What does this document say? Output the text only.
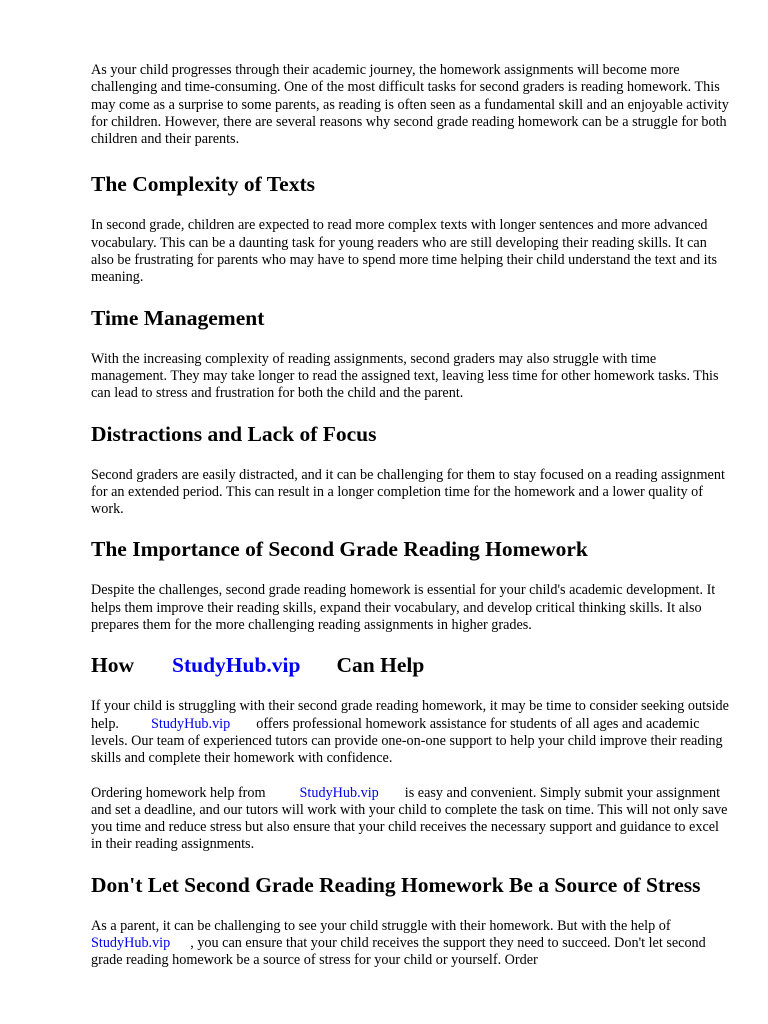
As your child progresses through their academic journey, the homework assignments will become more challenging and time-consuming. One of the most difficult tasks for second graders is reading homework. This may come as a surprise to some parents, as reading is often seen as a fundamental skill and an enjoyable activity for children. However, there are several reasons why second grade reading homework can be a struggle for both children and their parents.

The Complexity of Texts

In second grade, children are expected to read more complex texts with longer sentences and more advanced vocabulary. This can be a daunting task for young readers who are still developing their reading skills. It can also be frustrating for parents who may have to spend more time helping their child understand the text and its meaning.

Time Management

With the increasing complexity of reading assignments, second graders may also struggle with time management. They may take longer to read the assigned text, leaving less time for other homework tasks. This can lead to stress and frustration for both the child and the parent.

Distractions and Lack of Focus

Second graders are easily distracted, and it can be challenging for them to stay focused on a reading assignment for an extended period. This can result in a longer completion time for the homework and a lower quality of work.

The Importance of Second Grade Reading Homework

Despite the challenges, second grade reading homework is essential for your child's academic development. It helps them improve their reading skills, expand their vocabulary, and develop critical thinking skills. It also prepares them for the more challenging reading assignments in higher grades.

How StudyHub.vip Can Help

If your child is struggling with their second grade reading homework, it may be time to consider seeking outside help. StudyHub.vip offers professional homework assistance for students of all ages and academic levels. Our team of experienced tutors can provide one-on-one support to help your child improve their reading skills and complete their homework with confidence.

Ordering homework help from StudyHub.vip is easy and convenient. Simply submit your assignment and set a deadline, and our tutors will work with your child to complete the task on time. This will not only save you time and reduce stress but also ensure that your child receives the necessary support and guidance to excel in their reading assignments.

Don't Let Second Grade Reading Homework Be a Source of Stress

As a parent, it can be challenging to see your child struggle with their homework. But with the help ofStudyHub.vip , you can ensure that your child receives the support they need to succeed. Don't let second grade reading homework be a source of stress for your child or yourself. Order
